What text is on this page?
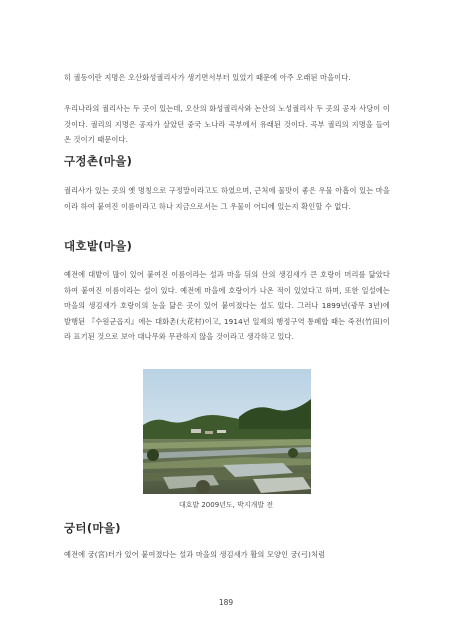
히 궐동이란 지명은 오산화성궐리사가 생기면서부터 있었기 때문에 아주 오래된 마을이다.

우리나라의 궐리사는 두 곳이 있는데, 오산의 화성궐리사와 논산의 노성궐리사 두 곳의 공자 사당이 이것이다. 궐리의 지명은 공자가 살았던 중국 노나라 곡부에서 유래된 것이다. 곡부 궐리의 지명을 들여온 것이기 때문이다.

구정촌(마을)

궐리사가 있는 곳의 옛 명칭으로 구정말이라고도 하였으며, 근처에 물맛이 좋은 우물 아홉이 있는 마을이라 하여 붙여진 이름이라고 하나 지금으로서는 그 우물이 어디에 있는지 확인할 수 없다.

대호밭(마을)

예전에 대밭이 많이 있어 붙여진 이름이라는 설과 마을 뒤의 산의 생김새가 큰 호랑이 머리를 닮았다 하여 붙여진 이름이라는 설이 있다. 예전에 마을에 호랑이가 나온 적이 있었다고 하며, 또한 일설에는 마을의 생김새가 호랑이의 눈을 닮은 곳이 있어 붙여졌다는 설도 있다. 그러나 1899년(광무 3년)에 발행된 『수원군읍지』에는 대화촌(大花村)이고, 1914년 일제의 행정구역 통폐합 때는 죽전(竹田)이라 표기된 것으로 보아 대나무와 무관하지 않을 것이라고 생각하고 있다.

대호밭 2009년도, 박지개발 전
궁터(마을)

예전에 궁(宮)터가 있어 붙여졌다는 설과 마을의 생김새가 활의 모양인 궁(弓)처럼

189
